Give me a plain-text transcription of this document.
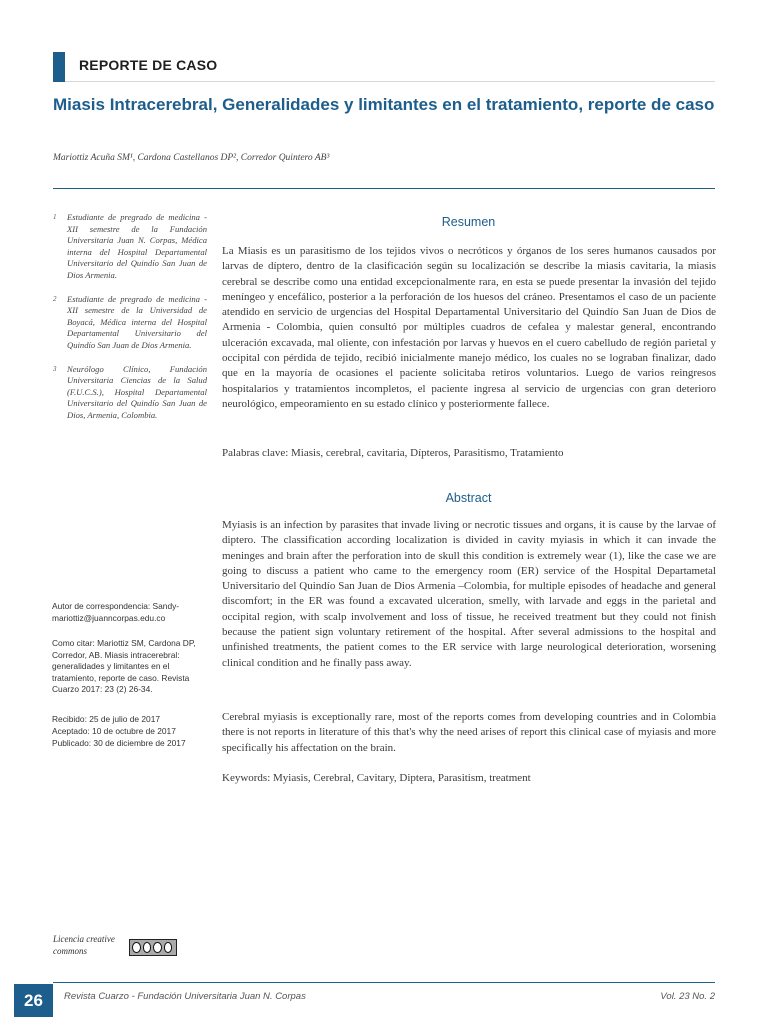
REPORTE DE CASO
Miasis Intracerebral, Generalidades y limitantes en el tratamiento, reporte de caso
Mariottiz Acuña SM¹, Cardona Castellanos DP², Corredor Quintero AB³
1	Estudiante de pregrado de medicina - XII semestre de la Fundación Universitaria Juan N. Corpas, Médica interna del Hospital Departamental Universitario del Quindío San Juan de Dios Armenia.
2	Estudiante de pregrado de medicina - XII semestre de la Universidad de Boyacá, Médica interna del Hospital Departamental Universitario del Quindío San Juan de Dios Armenia.
3	Neurólogo Clínico, Fundación Universitaria Ciencias de la Salud (F.U.C.S.), Hospital Departamental Universitario del Quindío San Juan de Dios, Armenia, Colombia.
Autor de correspondencia: Sandy-mariottiz@juanncorpas.edu.co
Como citar: Mariottiz SM, Cardona DP, Corredor, AB. Miasis intracerebral: generalidades y limitantes en el tratamiento, reporte de caso. Revista Cuarzo 2017: 23 (2) 26-34.
Recibido: 25 de julio de 2017
Aceptado: 10 de octubre de 2017
Publicado: 30 de diciembre de 2017
Resumen

La Miasis es un parasitismo de los tejidos vivos o necróticos y órganos de los seres humanos causados por larvas de díptero, dentro de la clasificación según su localización se describe la miasis cavitaria, la miasis cerebral se describe como una entidad excepcionalmente rara, en esta se puede presentar la invasión del tejido meníngeo y encefálico, posterior a la perforación de los huesos del cráneo. Presentamos el caso de un paciente atendido en servicio de urgencias del Hospital Departamental Universitario del Quindío San Juan de Dios de Armenia - Colombia, quien consultó por múltiples cuadros de cefalea y malestar general, encontrando ulceración excavada, mal oliente, con infestación por larvas y huevos en el cuero cabelludo de región parietal y occipital con pérdida de tejido, recibió inicialmente manejo médico, los cuales no se lograban finalizar, dado que en la mayoría de ocasiones el paciente solicitaba retiros voluntarios. Luego de varios reingresos hospitalarios y tratamientos incompletos, el paciente ingresa al servicio de urgencias con gran deterioro neurológico, empeoramiento en su estado clínico y posteriormente fallece.

Palabras clave: Miasis, cerebral, cavitaria, Dípteros, Parasitismo, Tratamiento

Abstract

Myiasis is an infection by parasites that invade living or necrotic tissues and organs, it is cause by the larvae of diptero. The classification according localization is divided in cavity myiasis in which it can invade the meninges and brain after the perforation into de skull this condition is extremely wear (1), like the case we are going to discuss a patient who came to the emergency room (ER) service of the Hospital Departametal Universitario del Quindío San Juan de Dios Armenia –Colombia, for multiple episodes of headache and general discomfort; in the ER was found a excavated ulceration, smelly, with larvade and eggs in the parietal and occipital region, with scalp involvement and loss of tissue, he received treatment but they could not finish because the patient sign voluntary retirement of the hospital. After several admissions to the hospital and unfinished treatments, the patient comes to the ER service with large neurological deterioration, worsening clinical condition and he finally pass away.

Cerebral myiasis is exceptionally rare, most of the reports comes from developing countries and in Colombia there is not reports in literature of this that's why the need arises of report this clinical case of myiasis and more specifically his affectation on the brain.

Keywords: Myiasis, Cerebral, Cavitary, Diptera, Parasitism, treatment

Licencia creative commons
26	Revista Cuarzo - Fundación Universitaria Juan N. Corpas	Vol. 23 No. 2
